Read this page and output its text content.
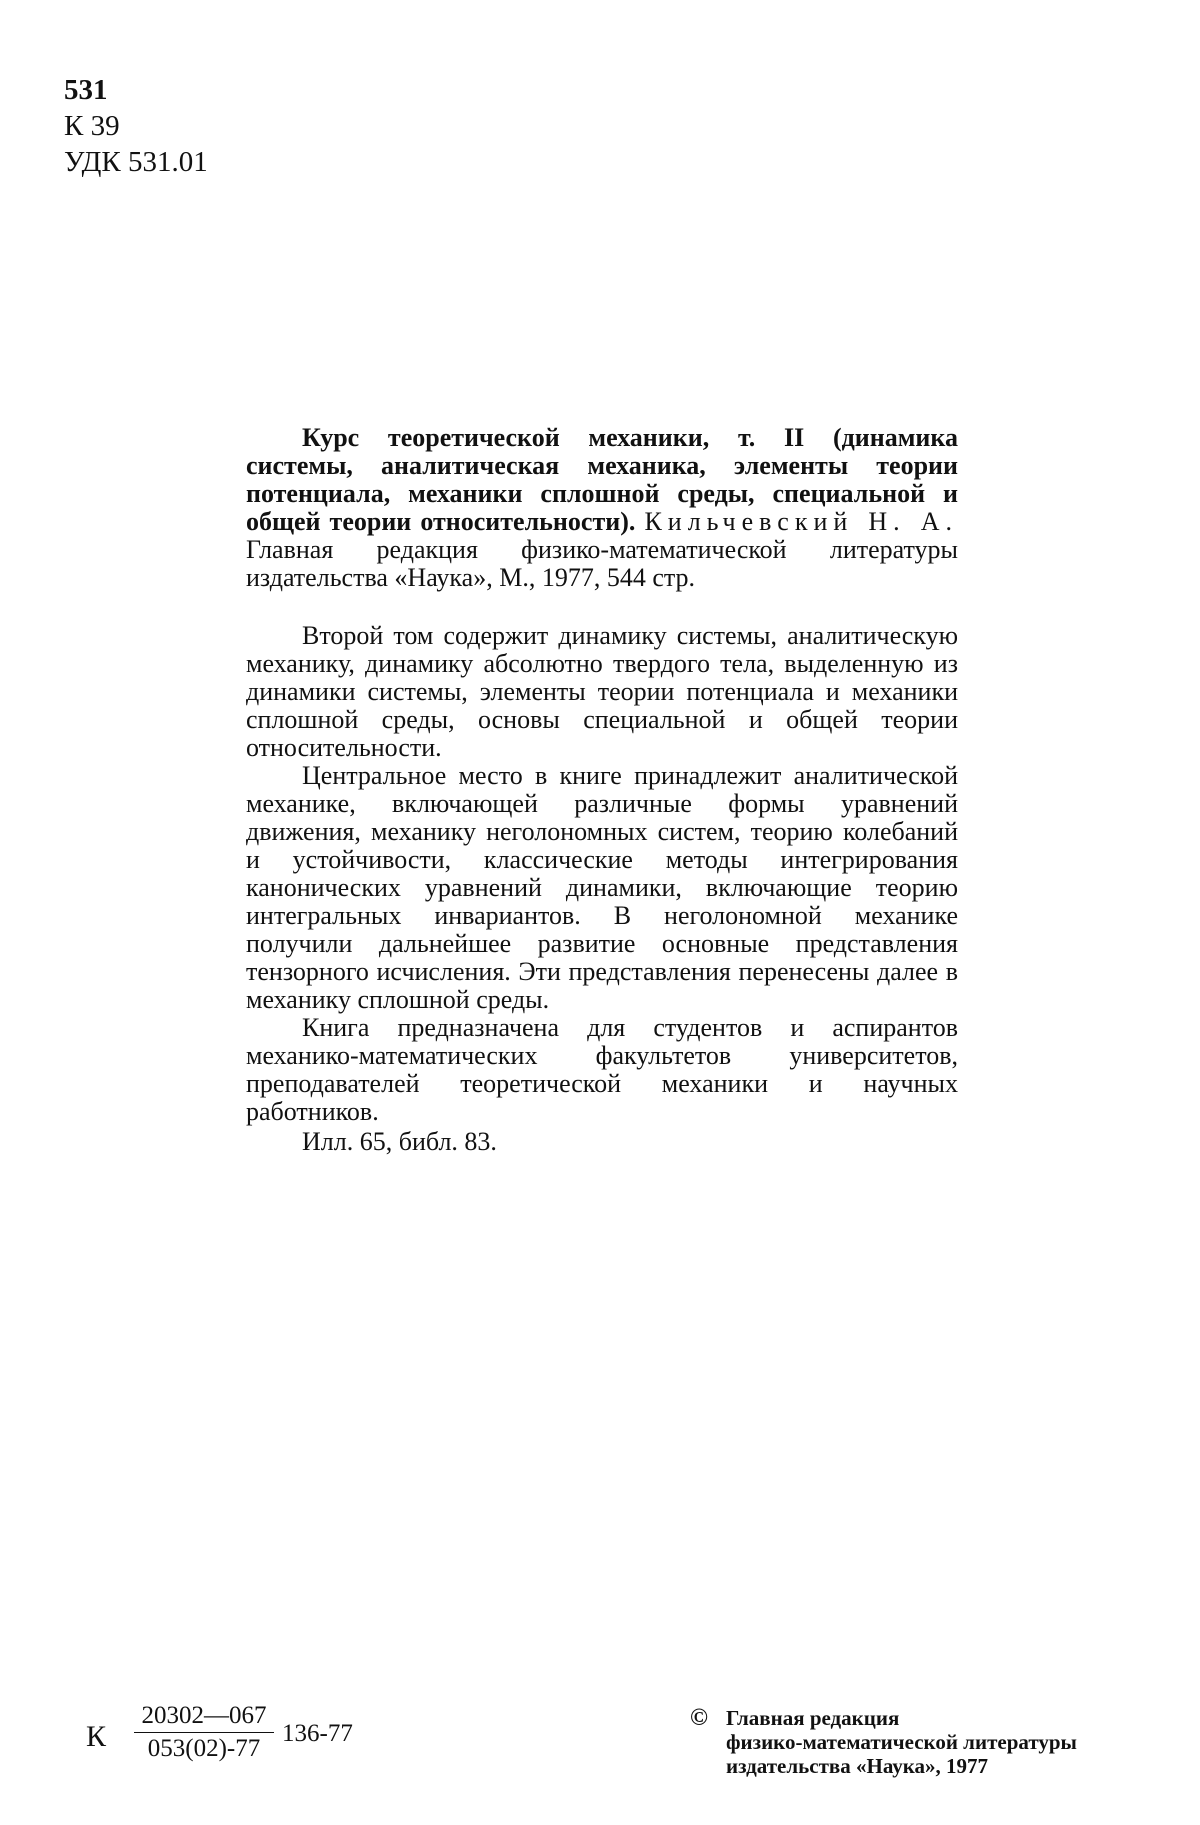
531
К 39
УДК 531.01

Курс теоретической механики, т. II (динамика системы, аналитическая механика, элементы теории потенциала, механики сплошной среды, специальной и общей теории относительности). Кильчевский Н. А. Главная редакция физико-математической литературы издательства «Наука», М., 1977, 544 стр.

Второй том содержит динамику системы, аналитическую механику, динамику абсолютно твердого тела, выделенную из динамики системы, элементы теории потенциала и механики сплошной среды, основы специальной и общей теории относительности.

Центральное место в книге принадлежит аналитической механике, включающей различные формы уравнений движения, механику неголономных систем, теорию колебаний и устойчивости, классические методы интегрирования канонических уравнений динамики, включающие теорию интегральных инвариантов. В неголономной механике получили дальнейшее развитие основные представления тензорного исчисления. Эти представления перенесены далее в механику сплошной среды.

Книга предназначена для студентов и аспирантов механико-математических факультетов университетов, преподавателей теоретической механики и научных работников.

Илл. 65, библ. 83.

К $\frac{20302—067}{053(02)-77} 136-77$
© Главная редакция
физико-математической литературы
издательства «Наука», 1977
